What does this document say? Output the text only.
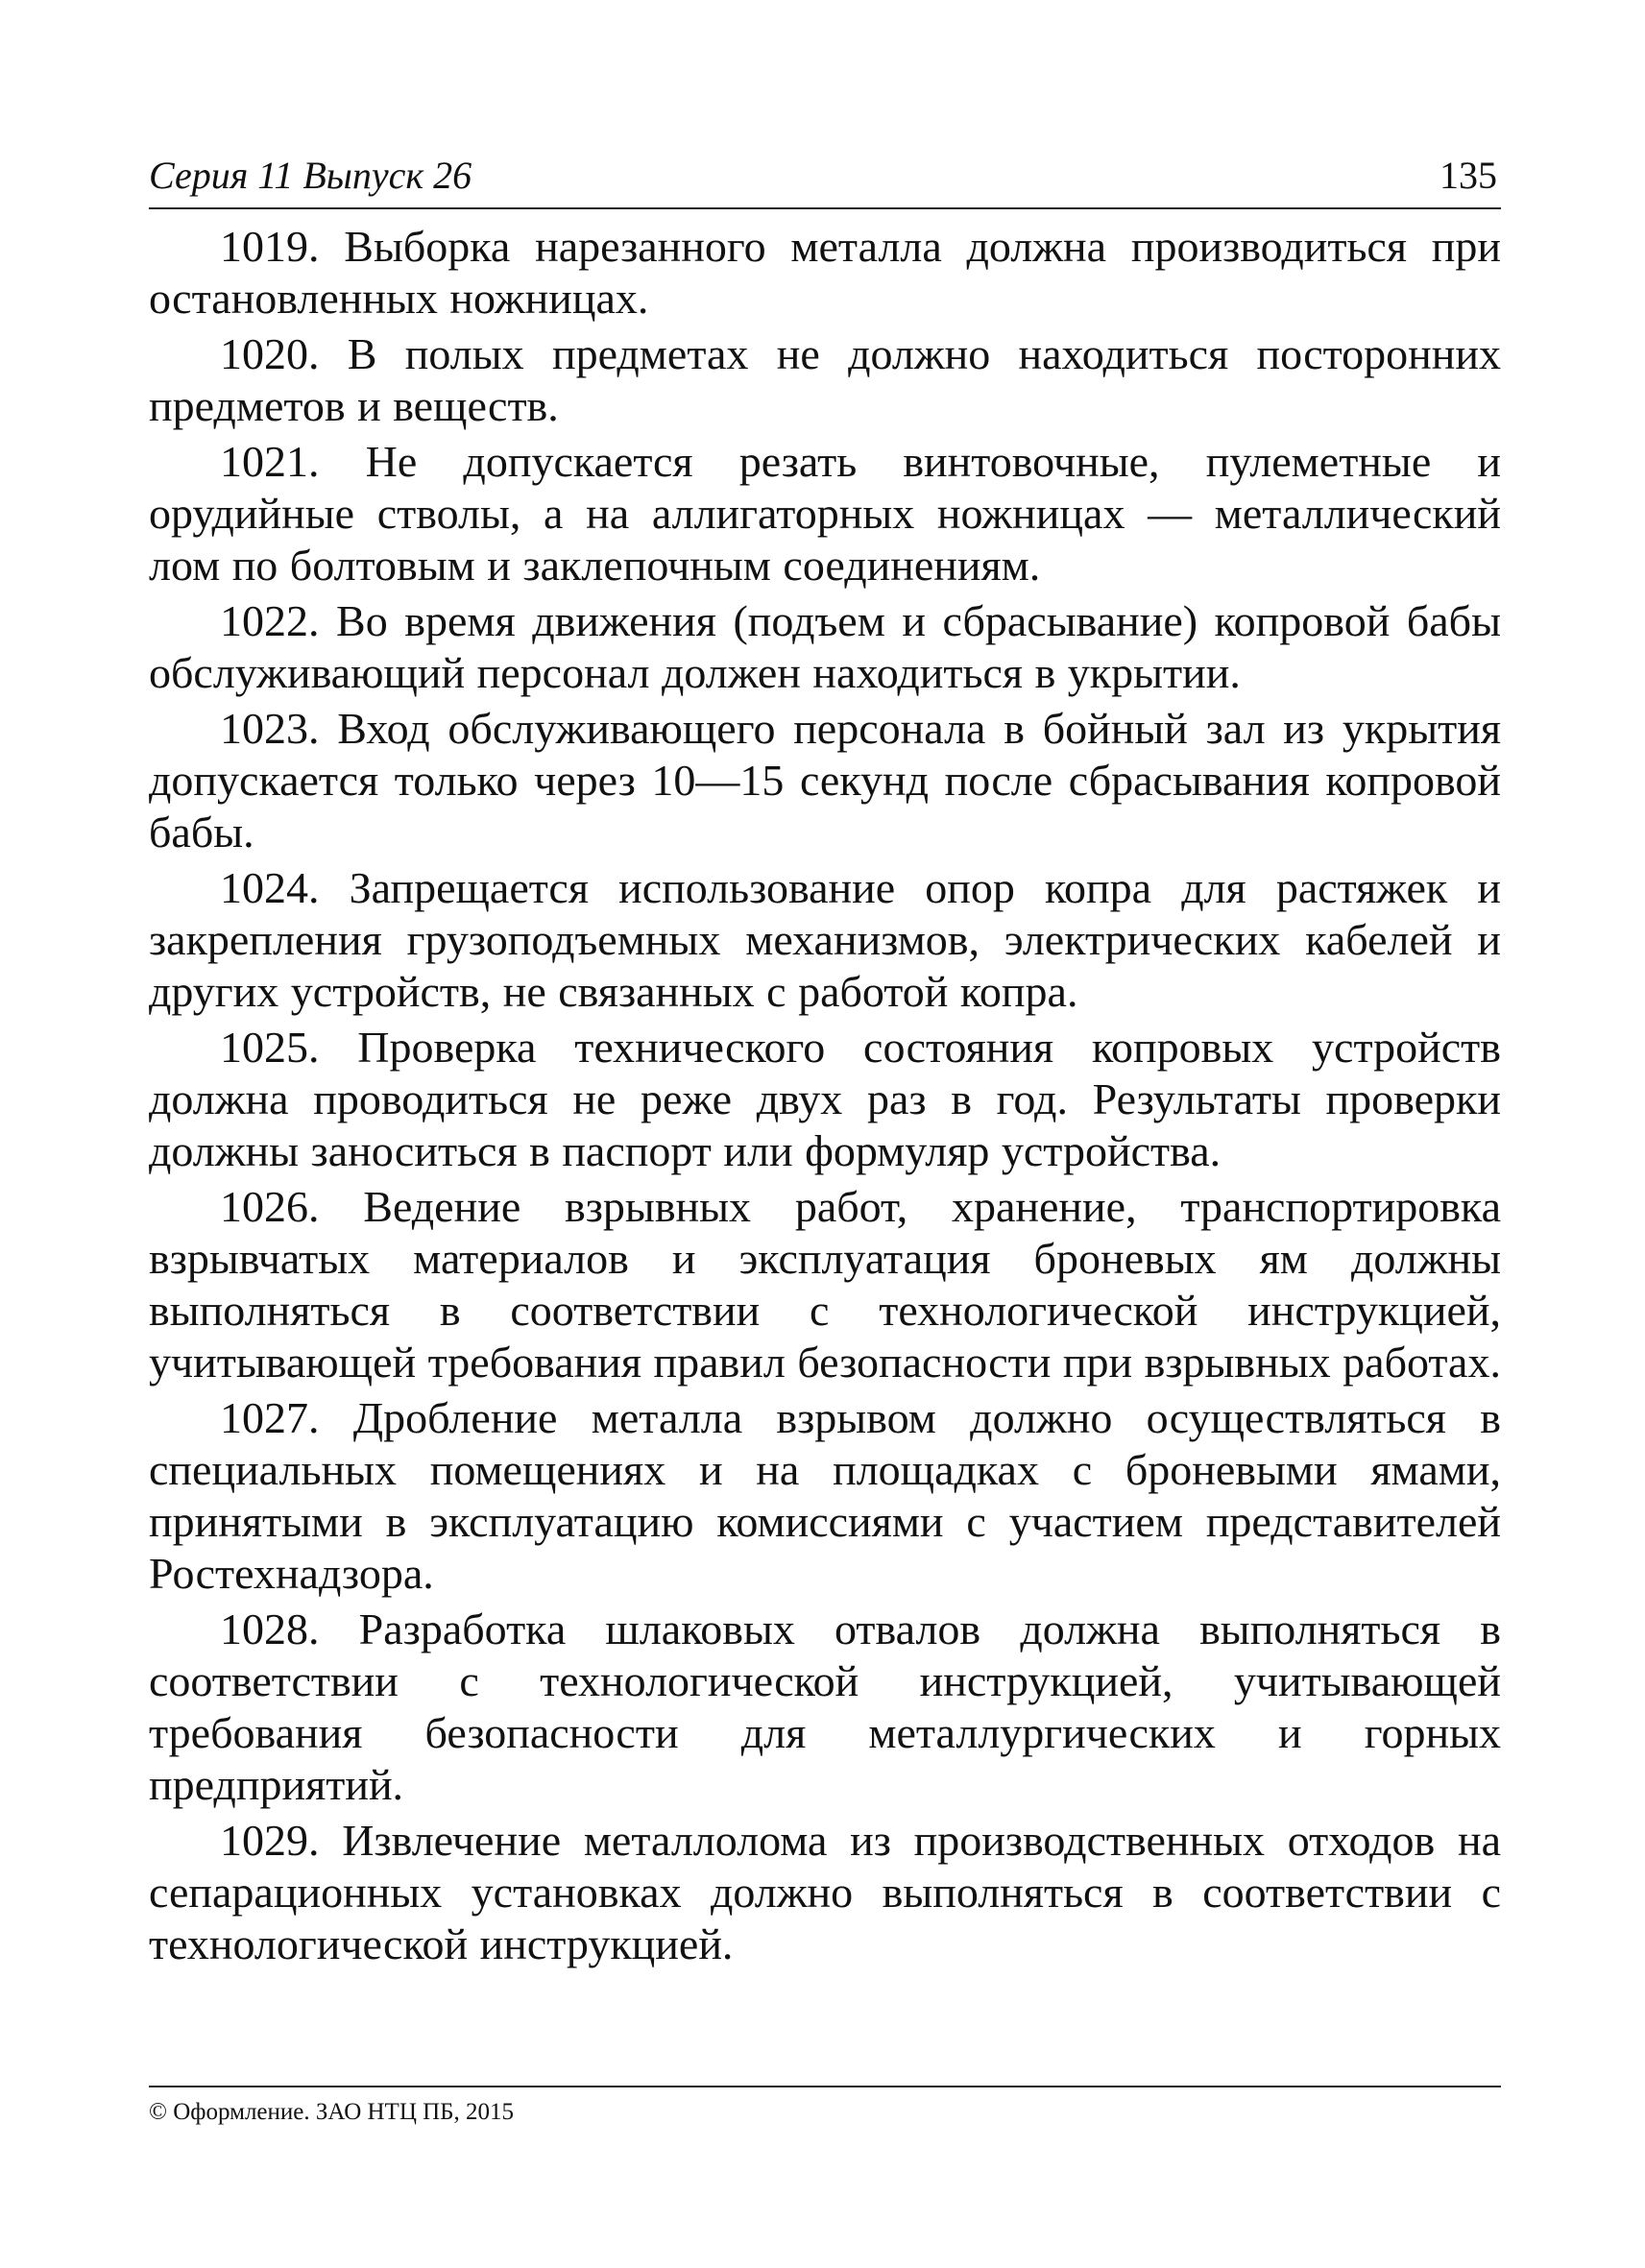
Серия 11 Выпуск 26	135

1019. Выборка нарезанного металла должна производиться при остановленных ножницах.

1020. В полых предметах не должно находиться посторонних предметов и веществ.

1021. Не допускается резать винтовочные, пулеметные и орудийные стволы, а на аллигаторных ножницах — металлический лом по болтовым и заклепочным соединениям.

1022. Во время движения (подъем и сбрасывание) копровой бабы обслуживающий персонал должен находиться в укрытии.

1023. Вход обслуживающего персонала в бойный зал из укрытия допускается только через 10—15 секунд после сбрасывания копровой бабы.

1024. Запрещается использование опор копра для растяжек и закрепления грузоподъемных механизмов, электрических кабелей и других устройств, не связанных с работой копра.

1025. Проверка технического состояния копровых устройств должна проводиться не реже двух раз в год. Результаты проверки должны заноситься в паспорт или формуляр устройства.

1026. Ведение взрывных работ, хранение, транспортировка взрывчатых материалов и эксплуатация броневых ям должны выполняться в соответствии с технологической инструкцией, учитывающей требования правил безопасности при взрывных работах.

1027. Дробление металла взрывом должно осуществляться в специальных помещениях и на площадках с броневыми ямами, принятыми в эксплуатацию комиссиями с участием представителей Ростехнадзора.

1028. Разработка шлаковых отвалов должна выполняться в соответствии с технологической инструкцией, учитывающей требования безопасности для металлургических и горных предприятий.

1029. Извлечение металлолома из производственных отходов на сепарационных установках должно выполняться в соответствии с технологической инструкцией.

© Оформление. ЗАО НТЦ ПБ, 2015
